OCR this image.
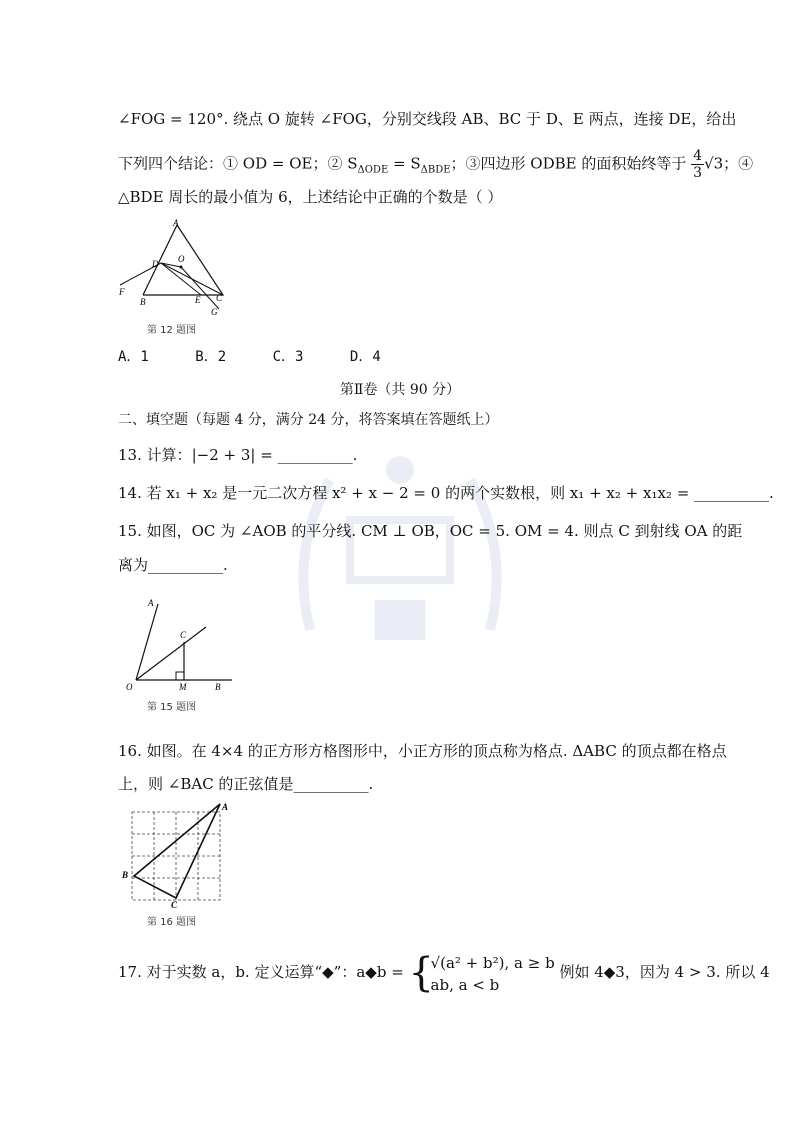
∠FOG = 120°. 绕点 O 旋转 ∠FOG，分别交线段 AB、BC 于 D、E 两点，连接 DE，给出
下列四个结论：① OD = OE；② $S_{\Delta ODE} = S_{\Delta BDE}$；③四边形 ODBE 的面积始终等于 $\frac{4}{3} √3$；④
△BDE 周长的最小值为 6，上述结论中正确的个数是（ ）
A
D O
F
B	E C
G
第 12 题图
A．1	B．2	C．3	D．4
第Ⅱ卷（共 90 分）
二、填空题（每题 4 分，满分 24 分，将答案填在答题纸上）
13. 计算：|−2 + 3| = __________.
14. 若 x₁ + x₂ 是一元二次方程 x² + x − 2 = 0 的两个实数根，则 x₁ + x₂ + x₁x₂ = __________.
15. 如图，OC 为 ∠AOB 的平分线. CM ⊥ OB，OC = 5. OM = 4. 则点 C 到射线 OA 的距
离为__________.
A
C
O	M	B
第 15 题图
16. 如图。在 4×4 的正方形方格图形中，小正方形的顶点称为格点. ΔABC 的顶点都在格点
上，则 ∠BAC 的正弦值是__________.
A
B
C
第 16 题图
17. 对于实数 a，b. 定义运算“◆”：a◆b = {
√(a² + b²), a ≥ b
ab, a < b
例如 4◆3，因为 4 > 3. 所以 4
